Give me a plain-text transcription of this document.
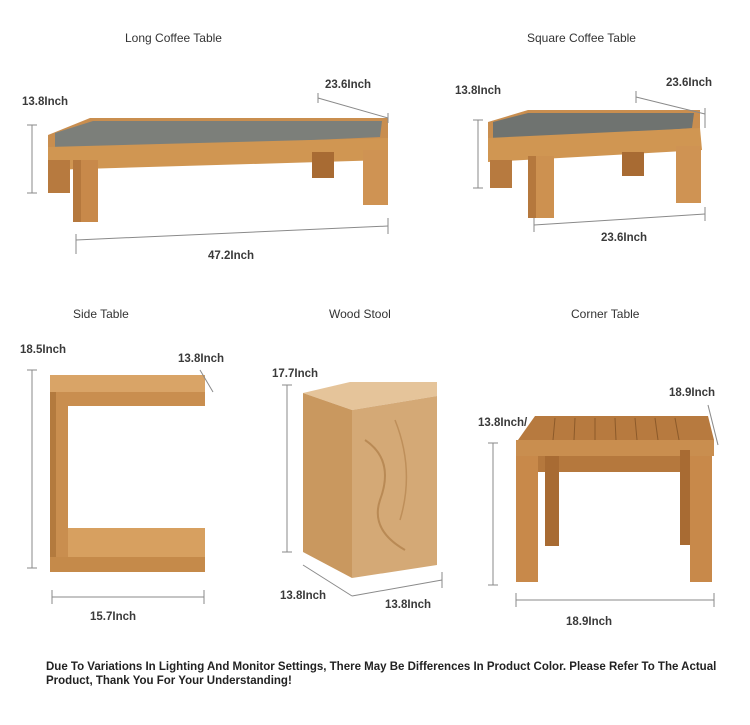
Long Coffee Table
13.8Inch
23.6Inch
47.2Inch
Square Coffee Table
13.8Inch
23.6Inch
23.6Inch
Side Table
18.5Inch
13.8Inch
15.7Inch
Wood Stool
17.7Inch
13.8Inch
13.8Inch
Corner Table
13.8Inch/
18.9Inch
18.9Inch
Due To Variations In Lighting And Monitor Settings, There May Be Differences In Product Color. Please Refer To The Actual Product, Thank You For Your Understanding!
